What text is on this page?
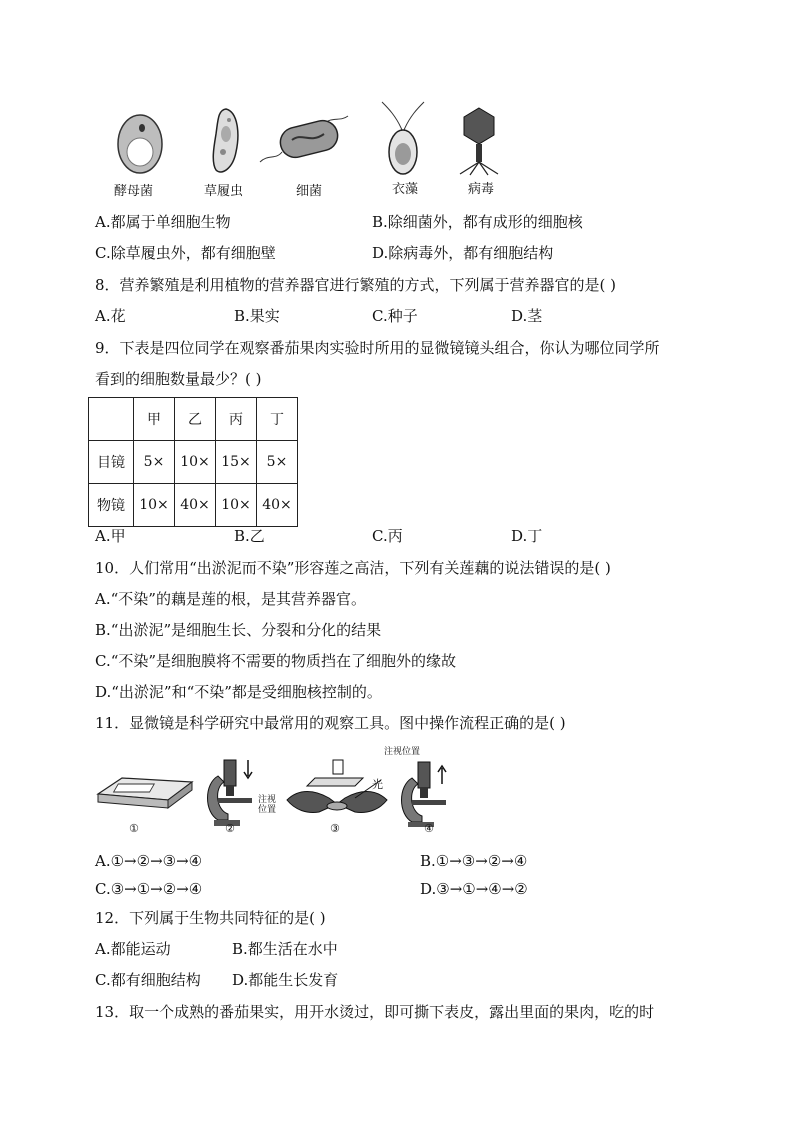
酵母菌	草履虫	细菌	衣藻	病毒
A.都属于单细胞生物	B.除细菌外，都有成形的细胞核
C.除草履虫外，都有细胞壁	D.除病毒外，都有细胞结构
8．营养繁殖是利用植物的营养器官进行繁殖的方式，下列属于营养器官的是( )
A.花	B.果实	C.种子	D.茎
9．下表是四位同学在观察番茄果肉实验时所用的显微镜镜头组合，你认为哪位同学所
看到的细胞数量最少？( )
	甲	乙	丙	丁
目镜	5×	10×	15×	5×
物镜	10×	40×	10×	40×
A.甲	B.乙	C.丙	D.丁
10．人们常用“出淤泥而不染”形容莲之高洁，下列有关莲藕的说法错误的是( )
A.“不染”的藕是莲的根，是其营养器官。
B.“出淤泥”是细胞生长、分裂和分化的结果
C.“不染”是细胞膜将不需要的物质挡在了细胞外的缘故
D.“出淤泥”和“不染”都是受细胞核控制的。
11．显微镜是科学研究中最常用的观察工具。图中操作流程正确的是( )
①
注视
位置
②
光
③
注视位置
④
A.①→②→③→④	B.①→③→②→④
C.③→①→②→④	D.③→①→④→②
12．下列属于生物共同特征的是( )
A.都能运动	B.都生活在水中
C.都有细胞结构 D.都能生长发育
13．取一个成熟的番茄果实，用开水烫过，即可撕下表皮，露出里面的果肉，吃的时
